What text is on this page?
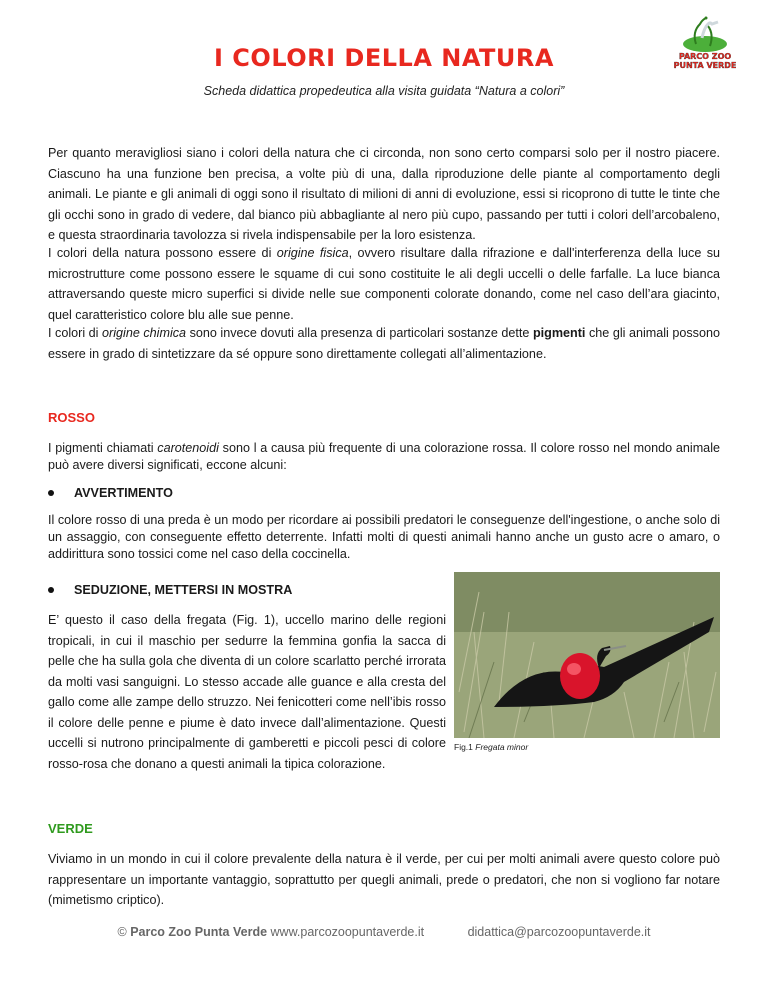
I COLORI DELLA NATURA
Scheda didattica propedeutica alla visita guidata “Natura a colori”
PARCO ZOO
PUNTA VERDE

Per quanto meravigliosi siano i colori della natura che ci circonda, non sono certo comparsi solo per il nostro piacere. Ciascuno ha una funzione ben precisa, a volte più di una, dalla riproduzione delle piante al comportamento degli animali. Le piante e gli animali di oggi sono il risultato di milioni di anni di evoluzione, essi si ricoprono di tutte le tinte che gli occhi sono in grado di vedere, dal bianco più abbagliante al nero più cupo, passando per tutti i colori dell’arcobaleno, e questa straordinaria tavolozza si rivela indispensabile per la loro esistenza.

I colori della natura possono essere di origine fisica, ovvero risultare dalla rifrazione e dall'interferenza della luce su microstrutture come possono essere le squame di cui sono costituite le ali degli uccelli o delle farfalle. La luce bianca attraversando queste micro superfici si divide nelle sue componenti colorate donando, come nel caso dell’ara giacinto, quel caratteristico colore blu alle sue penne.

I colori di origine chimica sono invece dovuti alla presenza di particolari sostanze dette pigmenti che gli animali possono essere in grado di sintetizzare da sé oppure sono direttamente collegati all’alimentazione.

ROSSO

I pigmenti chiamati carotenoidi sono l a causa più frequente di una colorazione rossa. Il colore rosso nel mondo animale può avere diversi significati, eccone alcuni:

AVVERTIMENTO

Il colore rosso di una preda è un modo per ricordare ai possibili predatori le conseguenze dell'ingestione, o anche solo di un assaggio, con conseguente effetto deterrente. Infatti molti di questi animali hanno anche un gusto acre o amaro, o addirittura sono tossici come nel caso della coccinella.

SEDUZIONE, METTERSI IN MOSTRA

E’ questo il caso della fregata (Fig. 1), uccello marino delle regioni tropicali, in cui il maschio per sedurre la femmina gonfia la sacca di pelle che ha sulla gola che diventa di un colore scarlatto perché irrorata da molti vasi sanguigni. Lo stesso accade alle guance e alla cresta del gallo come alle zampe dello struzzo. Nei fenicotteri come nell’ibis rosso il colore delle penne e piume è dato invece dall’alimentazione. Questi uccelli si nutrono principalmente di gamberetti e piccoli pesci di colore rosso-rosa che donano a questi animali la tipica colorazione.

Fig.1 Fregata minor
VERDE

Viviamo in un mondo in cui il colore prevalente della natura è il verde, per cui per molti animali avere questo colore può rappresentare un importante vantaggio, soprattutto per quegli animali, prede o predatori, che non si vogliono far notare (mimetismo criptico).

© Parco Zoo Punta Verde www.parcozoopuntaverde.it	didattica@parcozoopuntaverde.it
